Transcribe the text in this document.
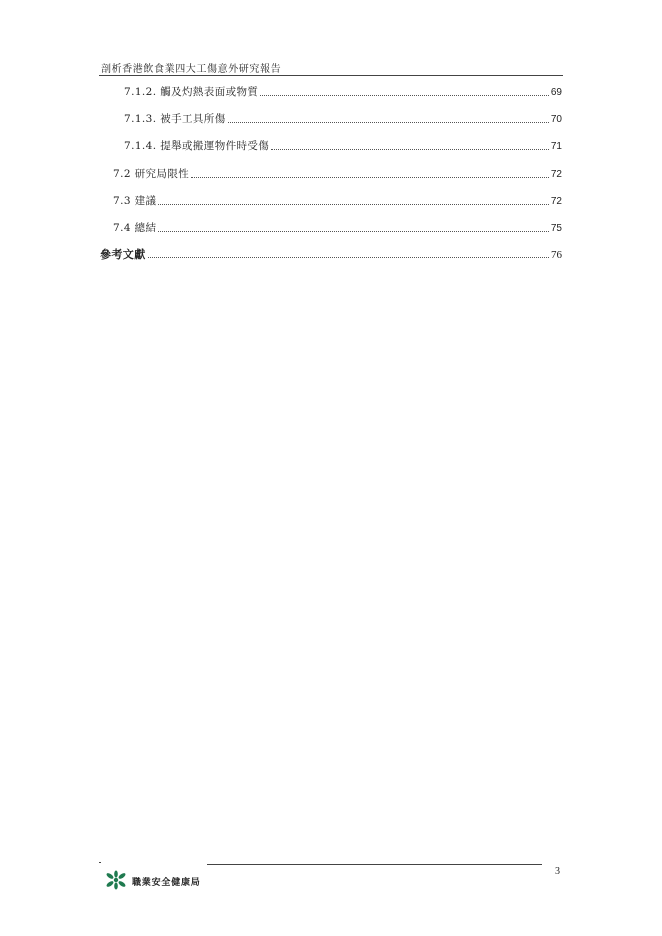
剖析香港飲食業四大工傷意外研究報告
7.1.2. 觸及灼熱表面或物質	69
7.1.3. 被手工具所傷	70
7.1.4. 提舉或搬運物件時受傷	71
7.2 研究局限性	72
7.3 建議	72
7.4 總結	75
參考文獻	76
3
職業安全健康局
